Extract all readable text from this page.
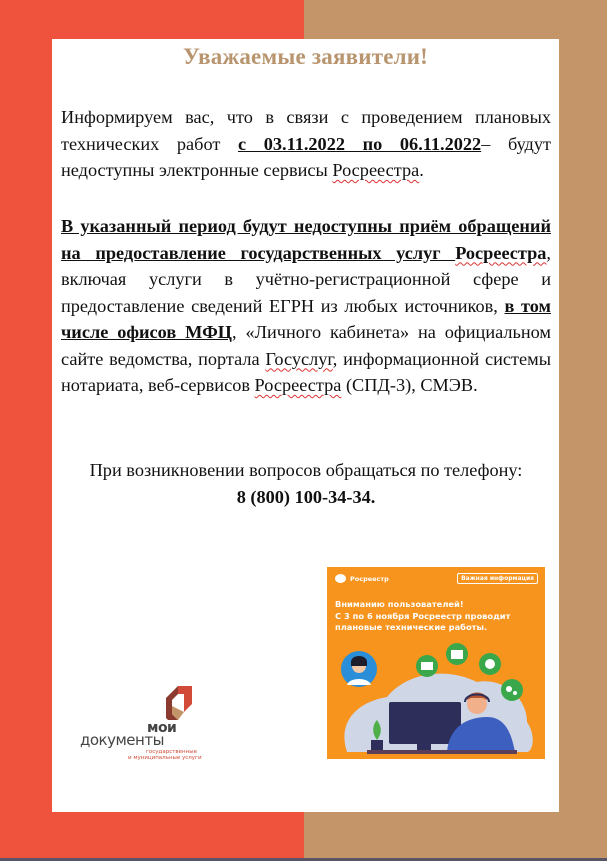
Уважаемые заявители!
Информируем вас, что в связи с проведением плановых технических работ с 03.11.2022 по 06.11.2022– будут недоступны электронные сервисы Росреестра.
В указанный период будут недоступны приём обращений на предоставление государственных услуг Росреестра, включая услуги в учётно-регистрационной сфере и предоставление сведений ЕГРН из любых источников, в том числе офисов МФЦ, «Личного кабинета» на официальном сайте ведомства, портала Госуслуг, информационной системы нотариата, веб-сервисов Росреестра (СПД-3), СМЭВ.
При возникновении вопросов обращаться по телефону:
8 (800) 100-34-34.
Росреестр	Важная информация
Вниманию пользователей!
С 3 по 6 ноября Росреестр проводит
плановые технические работы.
мои
документы
государственные
и муниципальные услуги
